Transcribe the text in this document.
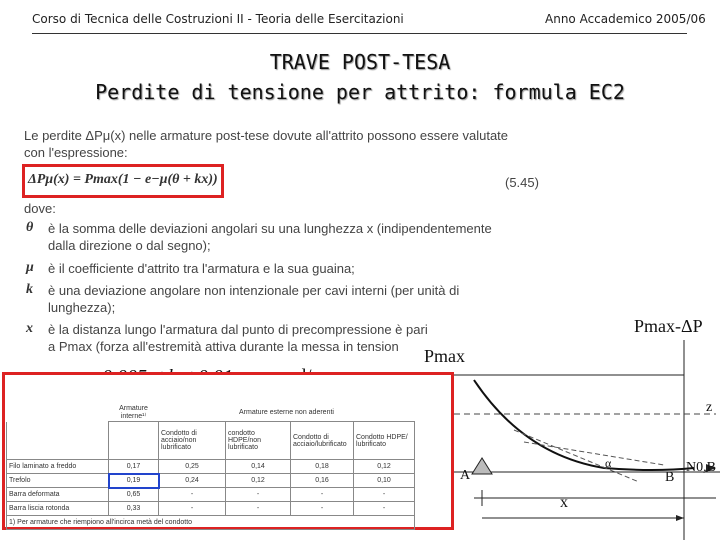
Corso di Tecnica delle Costruzioni II - Teoria delle Esercitazioni	Anno Accademico 2005/06
TRAVE POST-TESA
Perdite di tensione per attrito: formula EC2
Le perdite ΔPμ(x) nelle armature post-tese dovute all'attrito possono essere valutate
con l'espressione:
ΔPμ(x) = Pmax(1 − e−μ(θ + kx))	(5.45)
dove:
θ è la somma delle deviazioni angolari su una lunghezza x (indipendentemente
dalla direzione o dal segno);
μ è il coefficiente d'attrito tra l'armatura e la sua guaina;
k è una deviazione angolare non intenzionale per cavi interni (per unità di
lunghezza);
x è la distanza lungo l'armatura dal punto di precompressione è pari
a Pmax (forza all'estremità attiva durante la messa in tension
	Armature interne¹⁾	Armature esterne non aderenti			
		Condotto di acciaio/non lubrificato	condotto HDPE/non lubrificato	Condotto di acciaio/lubrificato	Condotto HDPE/ lubrificato
Filo laminato a freddo	0,17	0,25	0,14	0,18	0,12
Trefolo	0,19	0,24	0,12	0,16	0,10
Barra deformata	0,65	-	-	-	-
Barra liscia rotonda	0,33	-	-	-	-
1) Per armature che riempiono all'incirca metà del condotto					
Pmax
Pmax-ΔP
z
α
A	B
N0,B
x
